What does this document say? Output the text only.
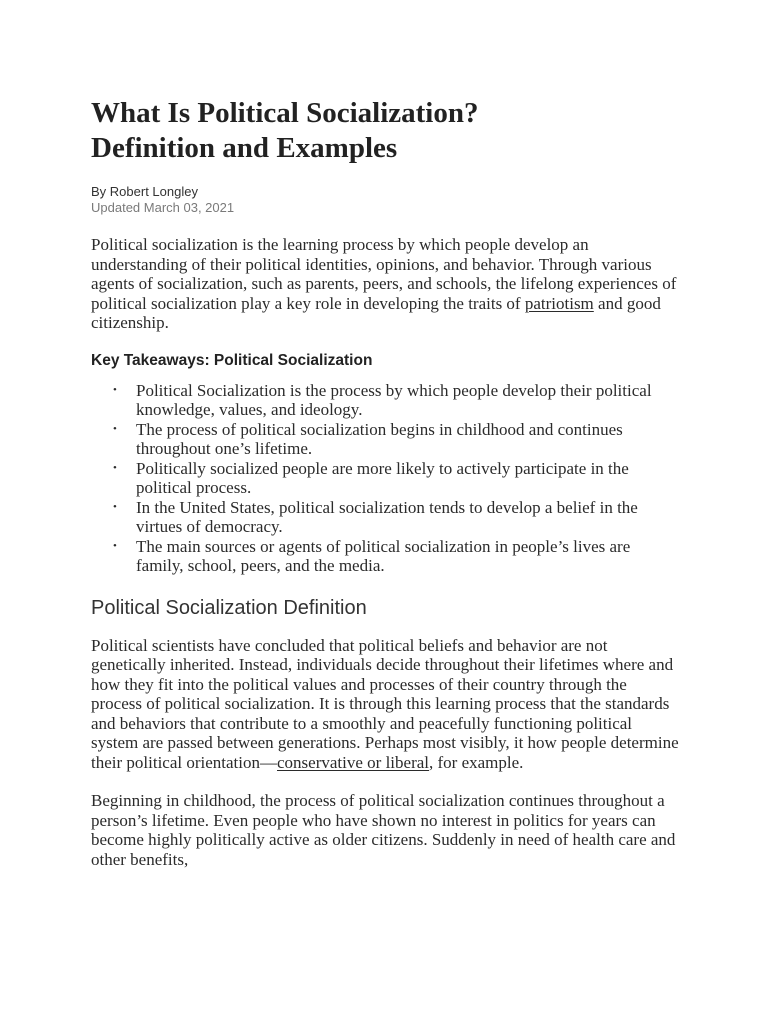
What Is Political Socialization?
Definition and Examples
By Robert Longley
Updated March 03, 2021

Political socialization is the learning process by which people develop an understanding of their political identities, opinions, and behavior. Through various agents of socialization, such as parents, peers, and schools, the lifelong experiences of political socialization play a key role in developing the traits of patriotism and good citizenship.

Key Takeaways: Political Socialization

• Political Socialization is the process by which people develop their political knowledge, values, and ideology.
• The process of political socialization begins in childhood and continues throughout one’s lifetime.
• Politically socialized people are more likely to actively participate in the political process.
• In the United States, political socialization tends to develop a belief in the virtues of democracy.
• The main sources or agents of political socialization in people’s lives are family, school, peers, and the media.
Political Socialization Definition

Political scientists have concluded that political beliefs and behavior are not genetically inherited. Instead, individuals decide throughout their lifetimes where and how they fit into the political values and processes of their country through the process of political socialization. It is through this learning process that the standards and behaviors that contribute to a smoothly and peacefully functioning political system are passed between generations. Perhaps most visibly, it how people determine their political orientation—conservative or liberal, for example.

Beginning in childhood, the process of political socialization continues throughout a person’s lifetime. Even people who have shown no interest in politics for years can become highly politically active as older citizens. Suddenly in need of health care and other benefits,
